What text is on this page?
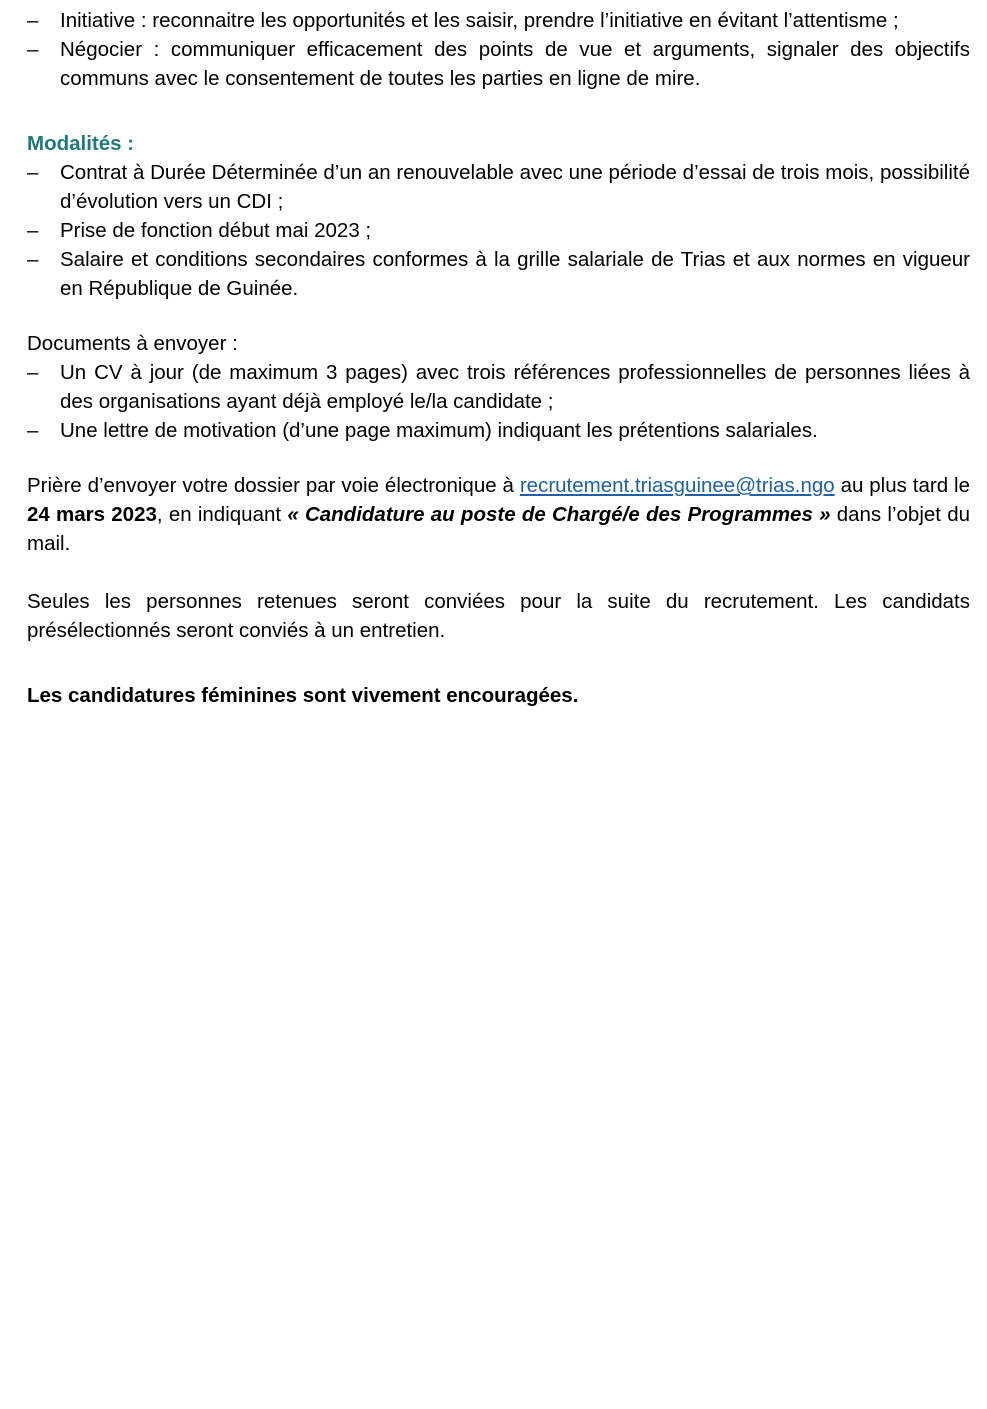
–	Initiative : reconnaitre les opportunités et les saisir, prendre l’initiative en évitant l’attentisme ;
–	Négocier : communiquer efficacement des points de vue et arguments, signaler des objectifs communs avec le consentement de toutes les parties en ligne de mire.

Modalités :

–	Contrat à Durée Déterminée d’un an renouvelable avec une période d’essai de trois mois, possibilité d’évolution vers un CDI ;
–	Prise de fonction début mai 2023 ;
–	Salaire et conditions secondaires conformes à la grille salariale de Trias et aux normes en vigueur en République de Guinée.

Documents à envoyer :

–	Un CV à jour (de maximum 3 pages) avec trois références professionnelles de personnes liées à des organisations ayant déjà employé le/la candidate ;
–	Une lettre de motivation (d’une page maximum) indiquant les prétentions salariales.

Prière d’envoyer votre dossier par voie électronique à recrutement.triasguinee@trias.ngo au plus tard le 24 mars 2023, en indiquant « Candidature au poste de Chargé/e des Programmes » dans l’objet du mail.

Seules les personnes retenues seront conviées pour la suite du recrutement. Les candidats présélectionnés seront conviés à un entretien.

Les candidatures féminines sont vivement encouragées.
